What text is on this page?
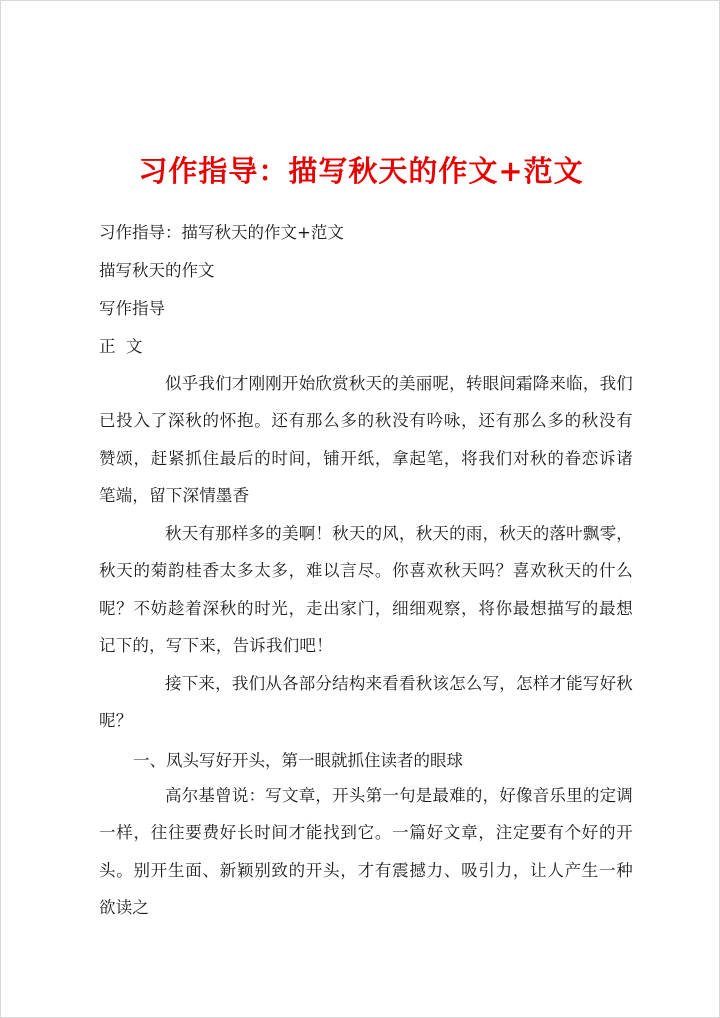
习作指导：描写秋天的作文+范文
习作指导：描写秋天的作文+范文
描写秋天的作文
写作指导
正  文
似乎我们才刚刚开始欣赏秋天的美丽呢，转眼间霜降来临，我们已投入了深秋的怀抱。还有那么多的秋没有吟咏，还有那么多的秋没有赞颂，赶紧抓住最后的时间，铺开纸，拿起笔，将我们对秋的眷恋诉诸笔端，留下深情墨香
秋天有那样多的美啊！秋天的风，秋天的雨，秋天的落叶飘零，秋天的菊韵桂香太多太多，难以言尽。你喜欢秋天吗？喜欢秋天的什么呢？不妨趁着深秋的时光，走出家门，细细观察，将你最想描写的最想记下的，写下来，告诉我们吧！
接下来，我们从各部分结构来看看秋该怎么写，怎样才能写好秋呢？
一、凤头写好开头，第一眼就抓住读者的眼球
高尔基曾说：写文章，开头第一句是最难的，好像音乐里的定调一样，往往要费好长时间才能找到它。一篇好文章，注定要有个好的开头。别开生面、新颖别致的开头，才有震撼力、吸引力，让人产生一种欲读之
